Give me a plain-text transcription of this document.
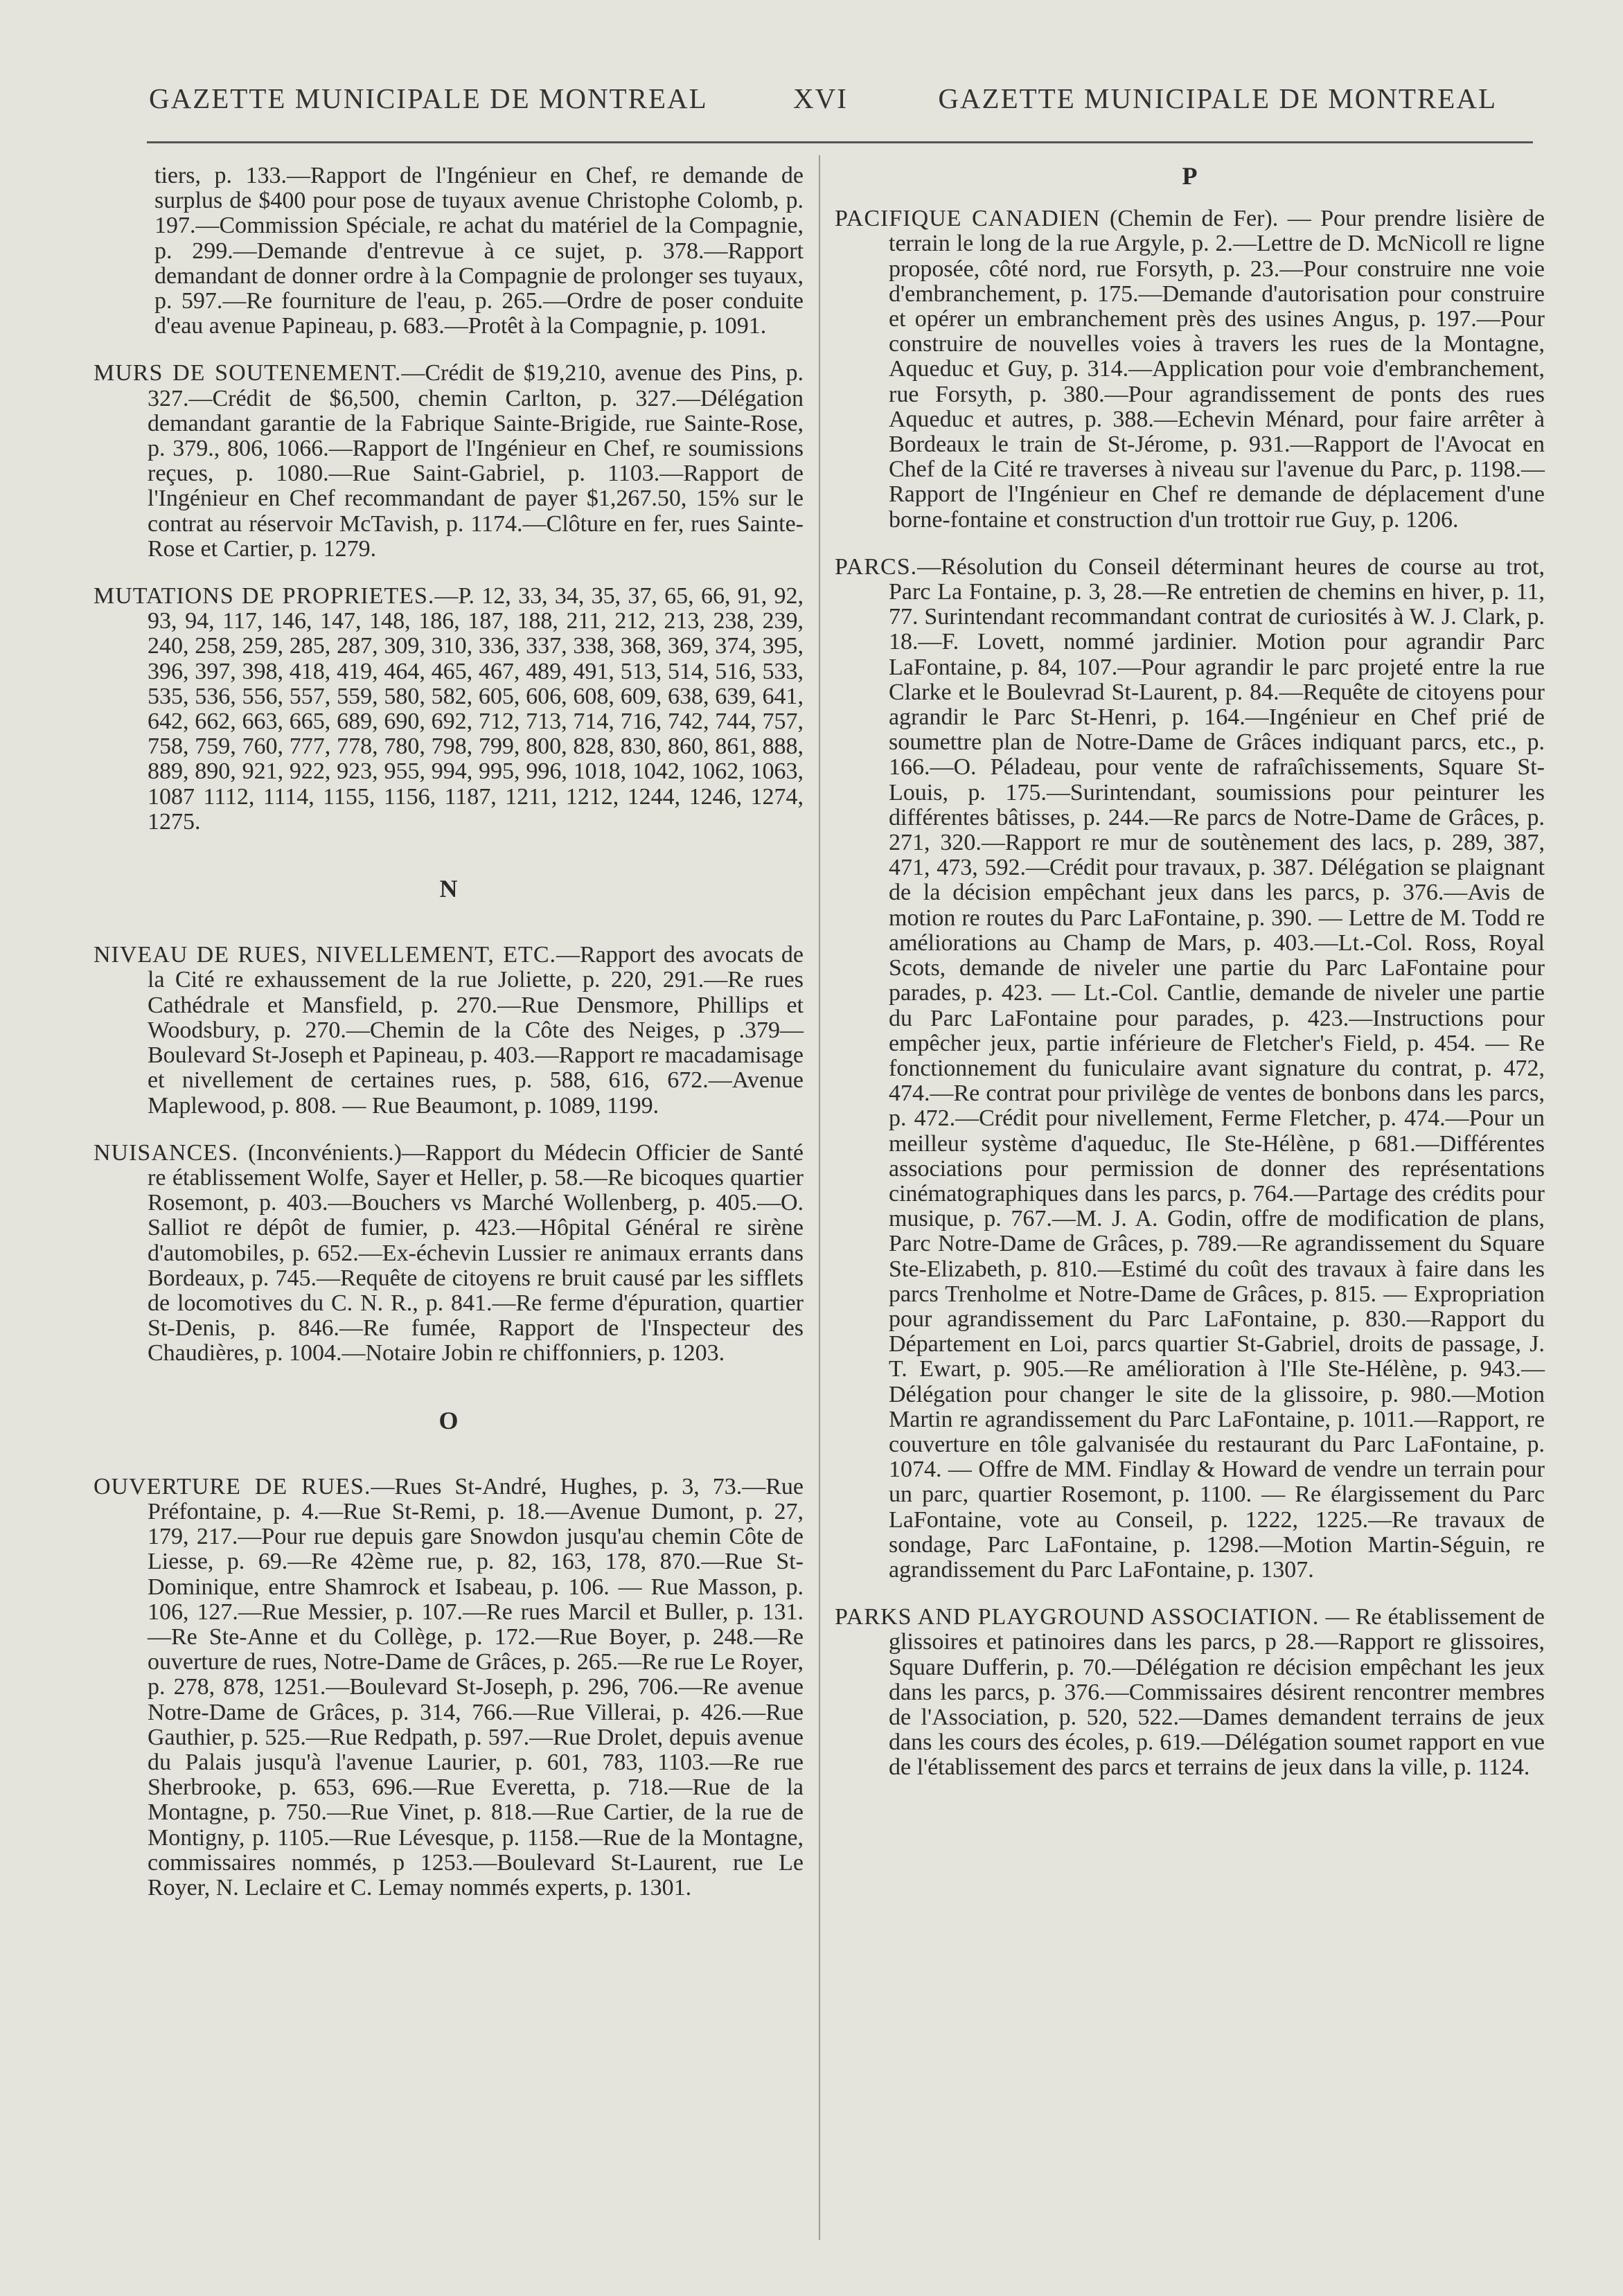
GAZETTE MUNICIPALE DE MONTREAL	XVI	GAZETTE MUNICIPALE DE MONTREAL

tiers, p. 133.—Rapport de l'Ingénieur en Chef, re demande de surplus de $400 pour pose de tuyaux avenue Christophe Colomb, p. 197.—Commission Spéciale, re achat du matériel de la Compagnie, p. 299.—Demande d'entrevue à ce sujet, p. 378.—Rapport demandant de donner ordre à la Compagnie de prolonger ses tuyaux, p. 597.—Re fourniture de l'eau, p. 265.—Ordre de poser conduite d'eau avenue Papineau, p. 683.—Protêt à la Compagnie, p. 1091.

MURS DE SOUTENEMENT.—Crédit de $19,210, avenue des Pins, p. 327.—Crédit de $6,500, chemin Carlton, p. 327.—Délégation demandant garantie de la Fabrique Sainte-Brigide, rue Sainte-Rose, p. 379., 806, 1066.—Rapport de l'Ingénieur en Chef, re soumissions reçues, p. 1080.—Rue Saint-Gabriel, p. 1103.—Rapport de l'Ingénieur en Chef recommandant de payer $1,267.50, 15% sur le contrat au réservoir McTavish, p. 1174.—Clôture en fer, rues Sainte-Rose et Cartier, p. 1279.

MUTATIONS DE PROPRIETES.—P. 12, 33, 34, 35, 37, 65, 66, 91, 92, 93, 94, 117, 146, 147, 148, 186, 187, 188, 211, 212, 213, 238, 239, 240, 258, 259, 285, 287, 309, 310, 336, 337, 338, 368, 369, 374, 395, 396, 397, 398, 418, 419, 464, 465, 467, 489, 491, 513, 514, 516, 533, 535, 536, 556, 557, 559, 580, 582, 605, 606, 608, 609, 638, 639, 641, 642, 662, 663, 665, 689, 690, 692, 712, 713, 714, 716, 742, 744, 757, 758, 759, 760, 777, 778, 780, 798, 799, 800, 828, 830, 860, 861, 888, 889, 890, 921, 922, 923, 955, 994, 995, 996, 1018, 1042, 1062, 1063, 1087 1112, 1114, 1155, 1156, 1187, 1211, 1212, 1244, 1246, 1274, 1275.

N

NIVEAU DE RUES, NIVELLEMENT, ETC.—Rapport des avocats de la Cité re exhaussement de la rue Joliette, p. 220, 291.—Re rues Cathédrale et Mansfield, p. 270.—Rue Densmore, Phillips et Woodsbury, p. 270.—Chemin de la Côte des Neiges, p .379—Boulevard St-Joseph et Papineau, p. 403.—Rapport re macadamisage et nivellement de certaines rues, p. 588, 616, 672.—Avenue Maplewood, p. 808. — Rue Beaumont, p. 1089, 1199.

NUISANCES. (Inconvénients.)—Rapport du Médecin Officier de Santé re établissement Wolfe, Sayer et Heller, p. 58.—Re bicoques quartier Rosemont, p. 403.—Bouchers vs Marché Wollenberg, p. 405.—O. Salliot re dépôt de fumier, p. 423.—Hôpital Général re sirène d'automobiles, p. 652.—Ex-échevin Lussier re animaux errants dans Bordeaux, p. 745.—Requête de citoyens re bruit causé par les sifflets de locomotives du C. N. R., p. 841.—Re ferme d'épuration, quartier St-Denis, p. 846.—Re fumée, Rapport de l'Inspecteur des Chaudières, p. 1004.—Notaire Jobin re chiffonniers, p. 1203.

O

OUVERTURE DE RUES.—Rues St-André, Hughes, p. 3, 73.—Rue Préfontaine, p. 4.—Rue St-Remi, p. 18.—Avenue Dumont, p. 27, 179, 217.—Pour rue depuis gare Snowdon jusqu'au chemin Côte de Liesse, p. 69.—Re 42ème rue, p. 82, 163, 178, 870.—Rue St-Dominique, entre Shamrock et Isabeau, p. 106. — Rue Masson, p. 106, 127.—Rue Messier, p. 107.—Re rues Marcil et Buller, p. 131.—Re Ste-Anne et du Collège, p. 172.—Rue Boyer, p. 248.—Re ouverture de rues, Notre-Dame de Grâces, p. 265.—Re rue Le Royer, p. 278, 878, 1251.—Boulevard St-Joseph, p. 296, 706.—Re avenue Notre-Dame de Grâces, p. 314, 766.—Rue Villerai, p. 426.—Rue Gauthier, p. 525.—Rue Redpath, p. 597.—Rue Drolet, depuis avenue du Palais jusqu'à l'avenue Laurier, p. 601, 783, 1103.—Re rue Sherbrooke, p. 653, 696.—Rue Everetta, p. 718.—Rue de la Montagne, p. 750.—Rue Vinet, p. 818.—Rue Cartier, de la rue de Montigny, p. 1105.—Rue Lévesque, p. 1158.—Rue de la Montagne, commissaires nommés, p 1253.—Boulevard St-Laurent, rue Le Royer, N. Leclaire et C. Lemay nommés experts, p. 1301.

P

PACIFIQUE CANADIEN (Chemin de Fer). — Pour prendre lisière de terrain le long de la rue Argyle, p. 2.—Lettre de D. McNicoll re ligne proposée, côté nord, rue Forsyth, p. 23.—Pour construire nne voie d'embranchement, p. 175.—Demande d'autorisation pour construire et opérer un embranchement près des usines Angus, p. 197.—Pour construire de nouvelles voies à travers les rues de la Montagne, Aqueduc et Guy, p. 314.—Application pour voie d'embranchement, rue Forsyth, p. 380.—Pour agrandissement de ponts des rues Aqueduc et autres, p. 388.—Echevin Ménard, pour faire arrêter à Bordeaux le train de St-Jérome, p. 931.—Rapport de l'Avocat en Chef de la Cité re traverses à niveau sur l'avenue du Parc, p. 1198.—Rapport de l'Ingénieur en Chef re demande de déplacement d'une borne-fontaine et construction d'un trottoir rue Guy, p. 1206.

PARCS.—Résolution du Conseil déterminant heures de course au trot, Parc La Fontaine, p. 3, 28.—Re entretien de chemins en hiver, p. 11, 77. Surintendant recommandant contrat de curiosités à W. J. Clark, p. 18.—F. Lovett, nommé jardinier. Motion pour agrandir Parc LaFontaine, p. 84, 107.—Pour agrandir le parc projeté entre la rue Clarke et le Boulevrad St-Laurent, p. 84.—Requête de citoyens pour agrandir le Parc St-Henri, p. 164.—Ingénieur en Chef prié de soumettre plan de Notre-Dame de Grâces indiquant parcs, etc., p. 166.—O. Péladeau, pour vente de rafraîchissements, Square St-Louis, p. 175.—Surintendant, soumissions pour peinturer les différentes bâtisses, p. 244.—Re parcs de Notre-Dame de Grâces, p. 271, 320.—Rapport re mur de soutènement des lacs, p. 289, 387, 471, 473, 592.—Crédit pour travaux, p. 387. Délégation se plaignant de la décision empêchant jeux dans les parcs, p. 376.—Avis de motion re routes du Parc LaFontaine, p. 390. — Lettre de M. Todd re améliorations au Champ de Mars, p. 403.—Lt.-Col. Ross, Royal Scots, demande de niveler une partie du Parc LaFontaine pour parades, p. 423. — Lt.-Col. Cantlie, demande de niveler une partie du Parc LaFontaine pour parades, p. 423.—Instructions pour empêcher jeux, partie inférieure de Fletcher's Field, p. 454. — Re fonctionnement du funiculaire avant signature du contrat, p. 472, 474.—Re contrat pour privilège de ventes de bonbons dans les parcs, p. 472.—Crédit pour nivellement, Ferme Fletcher, p. 474.—Pour un meilleur système d'aqueduc, Ile Ste-Hélène, p 681.—Différentes associations pour permission de donner des représentations cinématographiques dans les parcs, p. 764.—Partage des crédits pour musique, p. 767.—M. J. A. Godin, offre de modification de plans, Parc Notre-Dame de Grâces, p. 789.—Re agrandissement du Square Ste-Elizabeth, p. 810.—Estimé du coût des travaux à faire dans les parcs Trenholme et Notre-Dame de Grâces, p. 815. — Expropriation pour agrandissement du Parc LaFontaine, p. 830.—Rapport du Département en Loi, parcs quartier St-Gabriel, droits de passage, J. T. Ewart, p. 905.—Re amélioration à l'Ile Ste-Hélène, p. 943.—Délégation pour changer le site de la glissoire, p. 980.—Motion Martin re agrandissement du Parc LaFontaine, p. 1011.—Rapport, re couverture en tôle galvanisée du restaurant du Parc LaFontaine, p. 1074. — Offre de MM. Findlay & Howard de vendre un terrain pour un parc, quartier Rosemont, p. 1100. — Re élargissement du Parc LaFontaine, vote au Conseil, p. 1222, 1225.—Re travaux de sondage, Parc LaFontaine, p. 1298.—Motion Martin-Séguin, re agrandissement du Parc LaFontaine, p. 1307.

PARKS AND PLAYGROUND ASSOCIATION. — Re établissement de glissoires et patinoires dans les parcs, p 28.—Rapport re glissoires, Square Dufferin, p. 70.—Délégation re décision empêchant les jeux dans les parcs, p. 376.—Commissaires désirent rencontrer membres de l'Association, p. 520, 522.—Dames demandent terrains de jeux dans les cours des écoles, p. 619.—Délégation soumet rapport en vue de l'établissement des parcs et terrains de jeux dans la ville, p. 1124.
